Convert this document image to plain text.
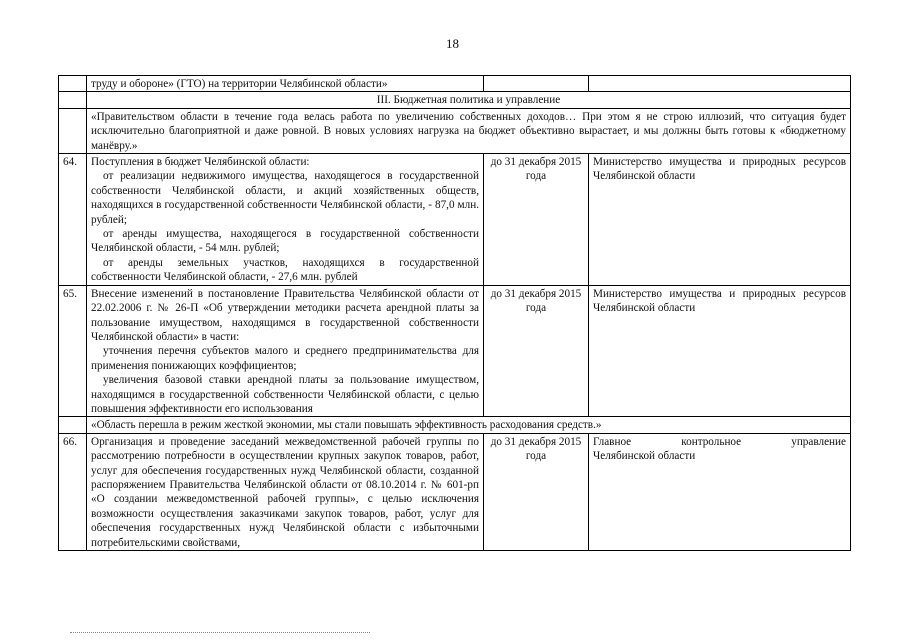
18
	труду и обороне» (ГТО) на территории Челябинской области»		
	III. Бюджетная политика и управление		
	«Правительством области в течение года велась работа по увеличению собственных доходов… При этом я не строю иллюзий, что ситуация будет исключительно благоприятной и даже ровной. В новых условиях нагрузка на бюджет объективно вырастает, и мы должны быть готовы к «бюджетному манёвру.»		
64.	Поступления в бюджет Челябинской области:
от реализации недвижимого имущества, находящегося в государственной собственности Челябинской области, и акций хозяйственных обществ, находящихся в государственной собственности Челябинской области, - 87,0 млн. рублей;
от аренды имущества, находящегося в государственной собственности Челябинской области, - 54 млн. рублей;
от аренды земельных участков, находящихся в государственной собственности Челябинской области, - 27,6 млн. рублей	до 31 декабря 2015 года	Министерство имущества и природных ресурсов Челябинской области
65.	Внесение изменений в постановление Правительства Челябинской области от 22.02.2006 г. № 26-П «Об утверждении методики расчета арендной платы за пользование имуществом, находящимся в государственной собственности Челябинской области» в части:
уточнения перечня субъектов малого и среднего предпринимательства для применения понижающих коэффициентов;
увеличения базовой ставки арендной платы за пользование имуществом, находящимся в государственной собственности Челябинской области, с целью повышения эффективности его использования	до 31 декабря 2015 года	Министерство имущества и природных ресурсов Челябинской области
	«Область перешла в режим жесткой экономии, мы стали повышать эффективность расходования средств.»		
66.	Организация и проведение заседаний межведомственной рабочей группы по рассмотрению потребности в осуществлении крупных закупок товаров, работ, услуг для обеспечения государственных нужд Челябинской области, созданной распоряжением Правительства Челябинской области от 08.10.2014 г. № 601-рп «О создании межведомственной рабочей группы», с целью исключения возможности осуществления заказчиками закупок товаров, работ, услуг для обеспечения государственных нужд Челябинской области с избыточными потребительскими свойствами,	до 31 декабря 2015 года	Главное контрольное управление
Челябинской области
